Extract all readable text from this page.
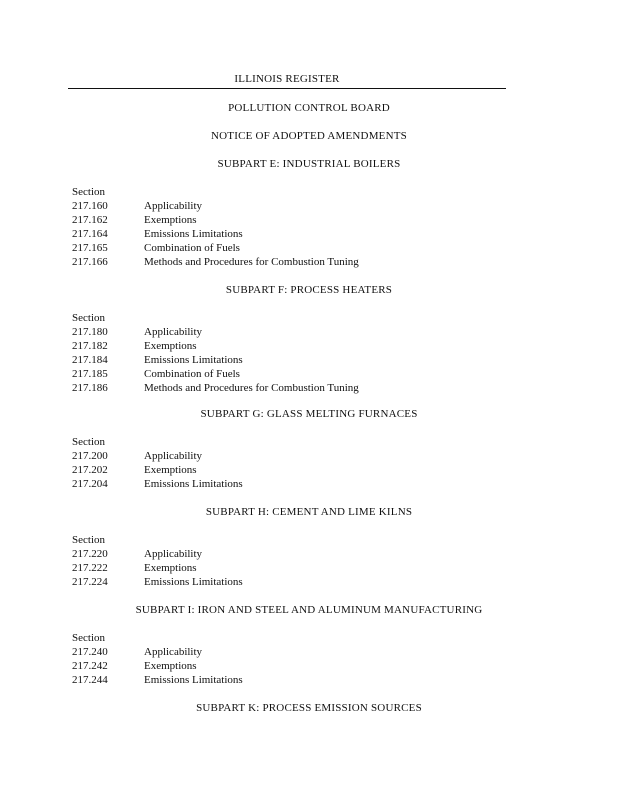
ILLINOIS REGISTER
POLLUTION CONTROL BOARD
NOTICE OF ADOPTED AMENDMENTS
SUBPART E: INDUSTRIAL BOILERS
Section
217.160	Applicability
217.162	Exemptions
217.164	Emissions Limitations
217.165	Combination of Fuels
217.166	Methods and Procedures for Combustion Tuning
SUBPART F: PROCESS HEATERS
Section
217.180	Applicability
217.182	Exemptions
217.184	Emissions Limitations
217.185	Combination of Fuels
217.186	Methods and Procedures for Combustion Tuning
SUBPART G: GLASS MELTING FURNACES
Section
217.200	Applicability
217.202	Exemptions
217.204	Emissions Limitations
SUBPART H: CEMENT AND LIME KILNS
Section
217.220	Applicability
217.222	Exemptions
217.224	Emissions Limitations
SUBPART I: IRON AND STEEL AND ALUMINUM MANUFACTURING
Section
217.240	Applicability
217.242	Exemptions
217.244	Emissions Limitations
SUBPART K: PROCESS EMISSION SOURCES
